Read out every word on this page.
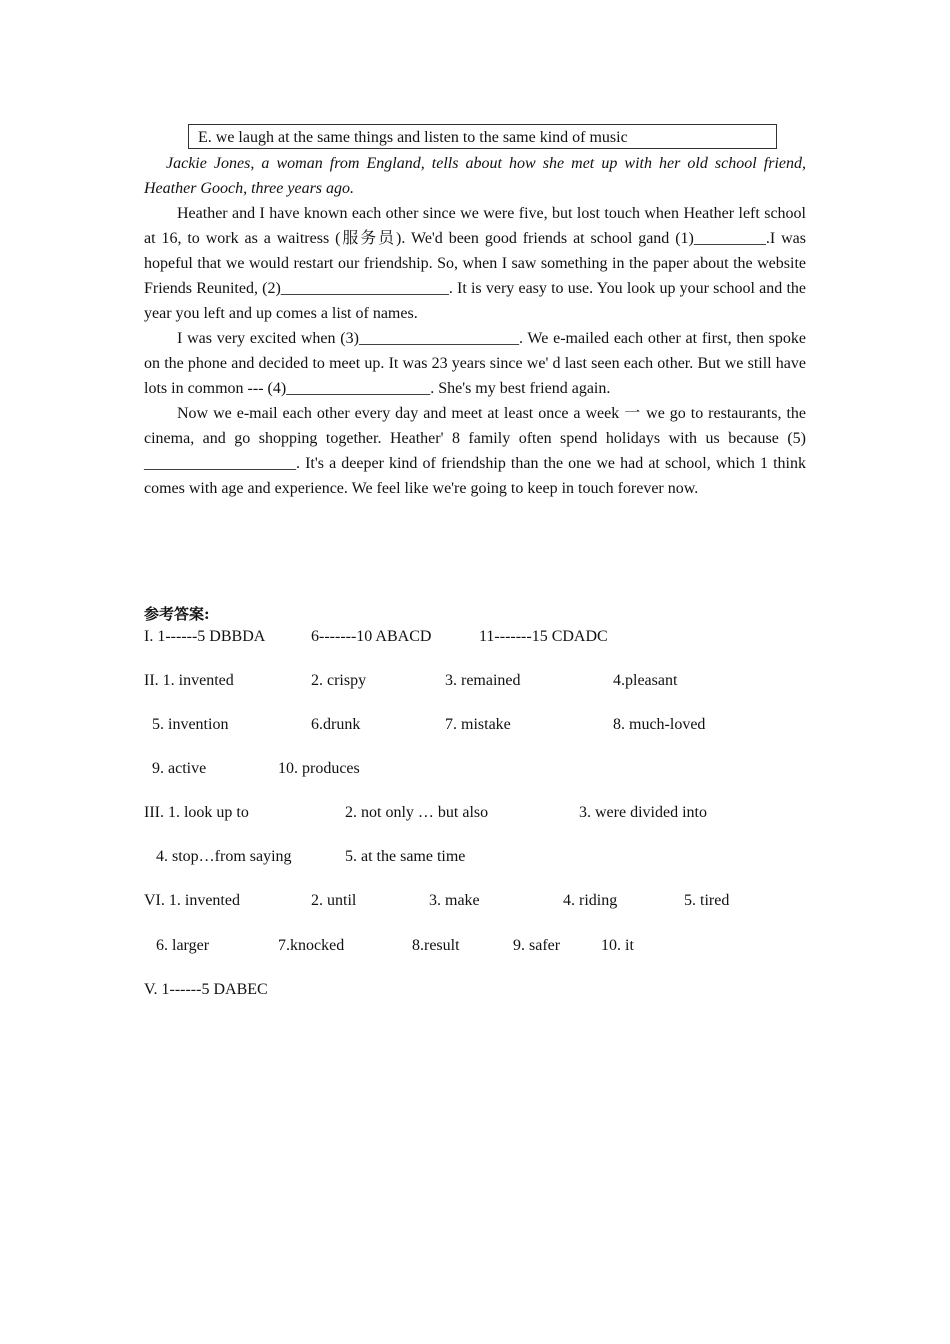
E. we laugh at the same things and listen to the same kind of music

Jackie Jones, a woman from England, tells about how she met up with her old school friend, Heather Gooch, three years ago.

Heather and I have known each other since we were five, but lost touch when Heather left school at 16, to work as a waitress (服务员). We'd been good friends at school gand (1)_________.I was hopeful that we would restart our friendship. So, when I saw something in the paper about the website Friends Reunited, (2)_____________________. It is very easy to use. You look up your school and the year you left and up comes a list of names.

I was very excited when (3)____________________. We e-mailed each other at first, then spoke on the phone and decided to meet up. It was 23 years since we' d last seen each other. But we still have lots in common --- (4)__________________. She's my best friend again.

Now we e-mail each other every day and meet at least once a week 一 we go to restaurants, the cinema, and go shopping together. Heather' 8 family often spend holidays with us because (5) ___________________. It's a deeper kind of friendship than the one we had at school, which 1 think comes with age and experience. We feel like we're going to keep in touch forever now.

参考答案:
I. 1------5 DBBDA	6-------10 ABACD	11-------15 CDADC
II. 1. invented	2. crispy	3. remained	4.pleasant
5. invention	6.drunk	7. mistake	8. much-loved
9. active	10. produces
III. 1. look up to	2. not only … but also	3. were divided into
4. stop…from saying	5. at the same time
VI. 1. invented	2. until	3. make	4. riding	5. tired
6. larger	7.knocked	8.result	9. safer	10. it
V. 1------5 DABEC
